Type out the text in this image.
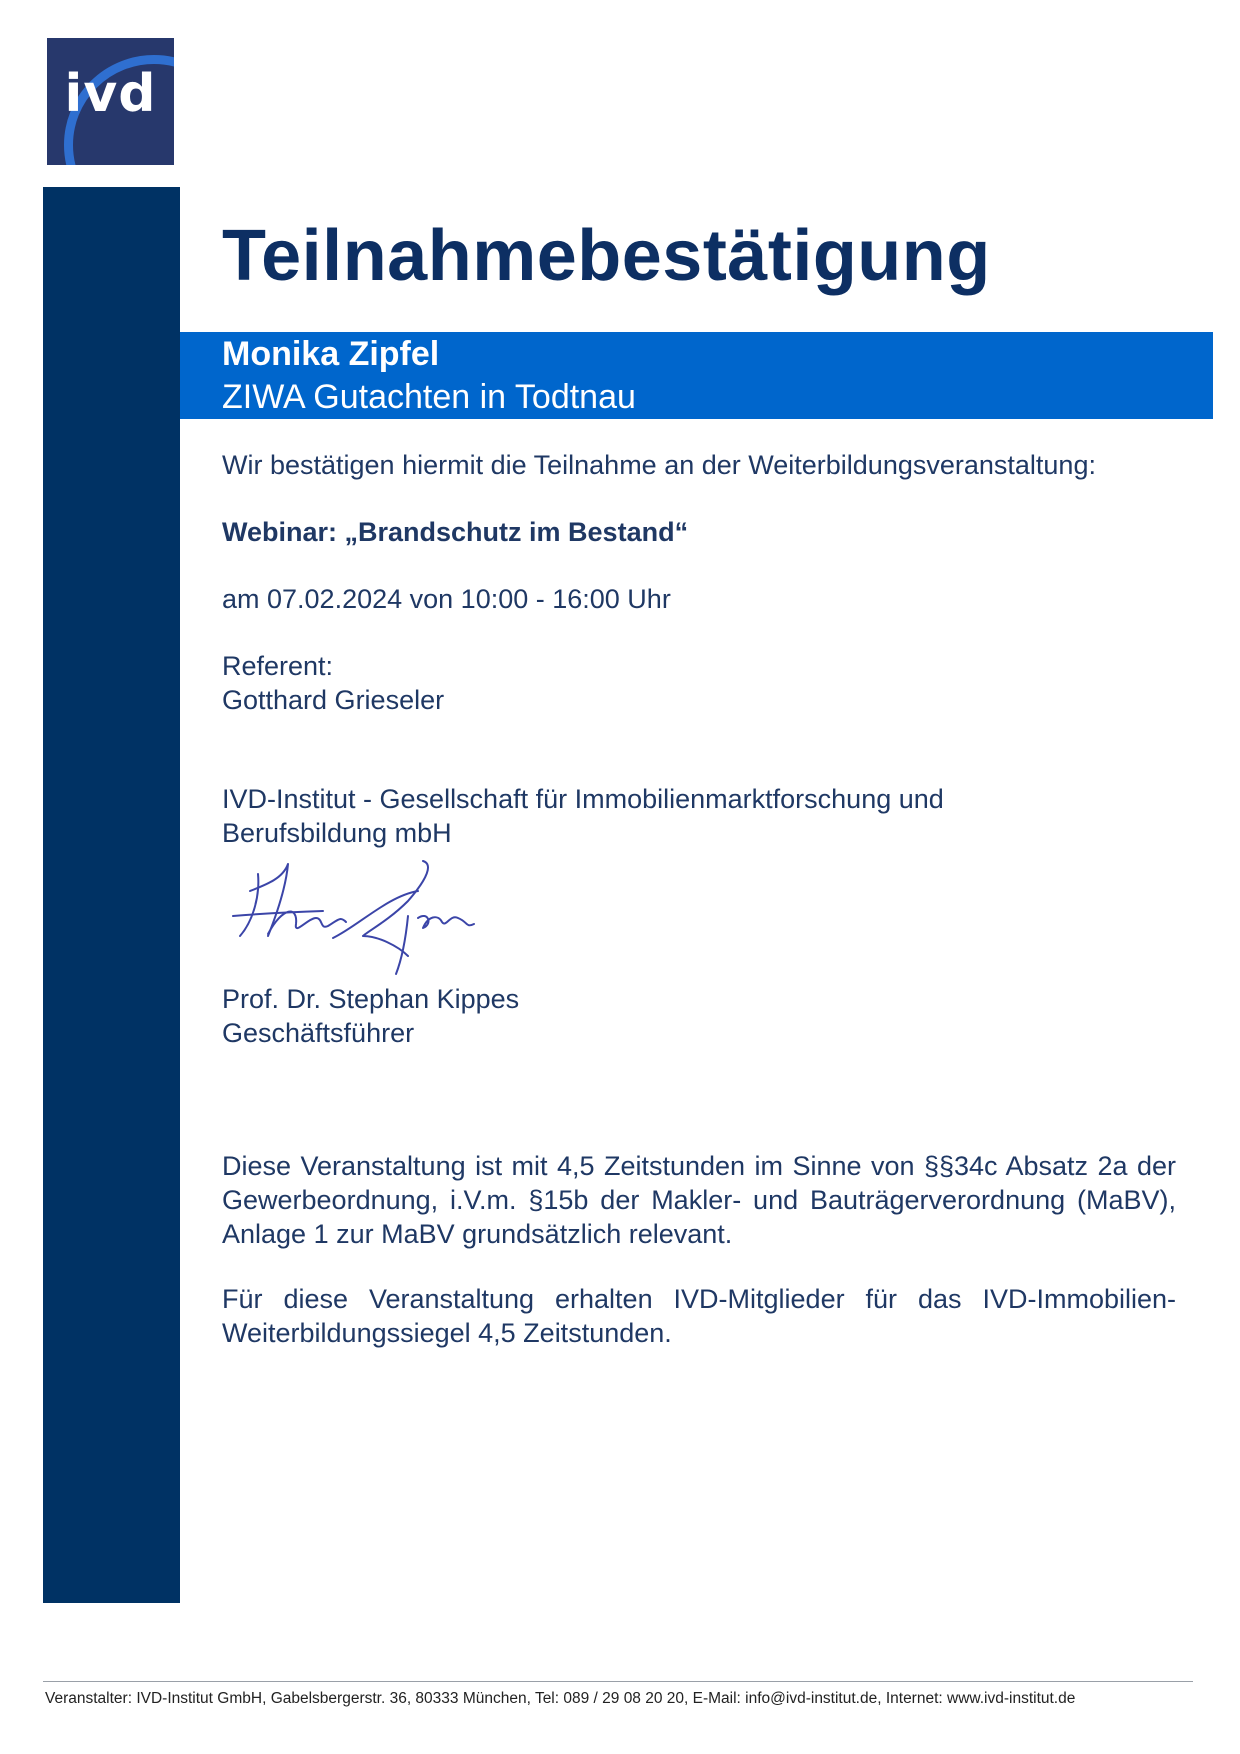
ivd
Teilnahmebestätigung
Monika Zipfel
ZIWA Gutachten in Todtnau

Wir bestätigen hiermit die Teilnahme an der Weiterbildungsveranstaltung:

Webinar: „Brandschutz im Bestand“

am 07.02.2024 von 10:00 - 16:00 Uhr

Referent:

Gotthard Grieseler

IVD-Institut - Gesellschaft für Immobilienmarktforschung und

Berufsbildung mbH

Prof. Dr. Stephan Kippes

Geschäftsführer

Diese Veranstaltung ist mit 4,5 Zeitstunden im Sinne von §§34c Absatz 2a der Gewerbeordnung, i.V.m. §15b der Makler- und Bauträgerverordnung (MaBV), Anlage 1 zur MaBV grundsätzlich relevant.

Für diese Veranstaltung erhalten IVD-Mitglieder für das IVD-Immobilien-Weiterbildungssiegel 4,5 Zeitstunden.

Veranstalter: IVD-Institut GmbH, Gabelsbergerstr. 36, 80333 München, Tel: 089 / 29 08 20 20, E-Mail: info@ivd-institut.de, Internet: www.ivd-institut.de
